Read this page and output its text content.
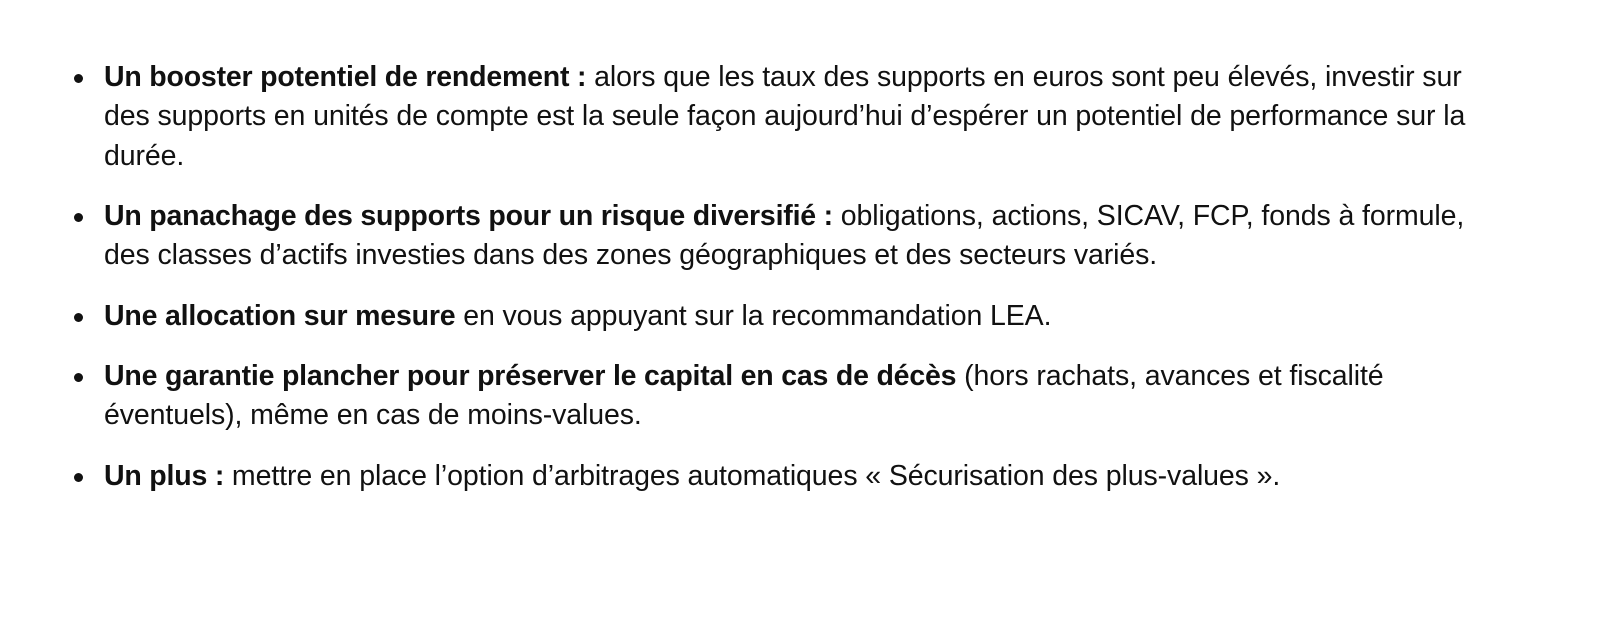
Un booster potentiel de rendement : alors que les taux des supports en euros sont peu élevés, investir sur des supports en unités de compte est la seule façon aujourd’hui d’espérer un potentiel de performance sur la durée.
Un panachage des supports pour un risque diversifié : obligations, actions, SICAV, FCP, fonds à formule, des classes d’actifs investies dans des zones géographiques et des secteurs variés.
Une allocation sur mesure en vous appuyant sur la recommandation LEA.
Une garantie plancher pour préserver le capital en cas de décès (hors rachats, avances et fiscalité éventuels), même en cas de moins-values.
Un plus : mettre en place l’option d’arbitrages automatiques « Sécurisation des plus-values ».
